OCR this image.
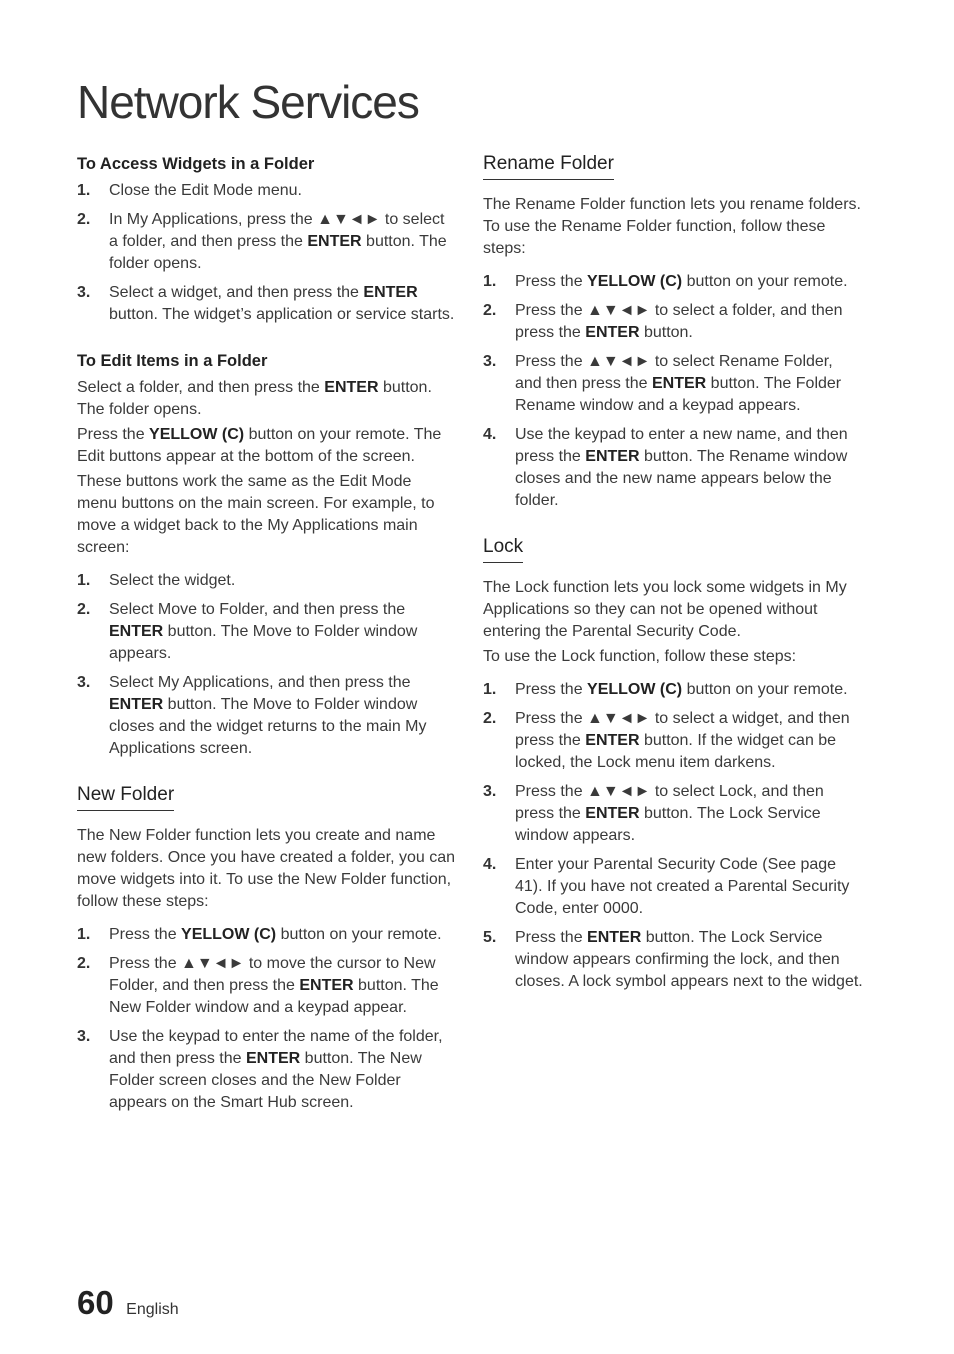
Network Services
To Access Widgets in a Folder
1. Close the Edit Mode menu.
2. In My Applications, press the ▲▼◄► to select a folder, and then press the ENTER button. The folder opens.
3. Select a widget, and then press the ENTER button. The widget’s application or service starts.
To Edit Items in a Folder

Select a folder, and then press the ENTER button. The folder opens.

Press the YELLOW (C) button on your remote. The Edit buttons appear at the bottom of the screen.

These buttons work the same as the Edit Mode menu buttons on the main screen. For example, to move a widget back to the My Applications main screen:

1. Select the widget.
2. Select Move to Folder, and then press the ENTER button. The Move to Folder window appears.
3. Select My Applications, and then press the ENTER button. The Move to Folder window closes and the widget returns to the main My Applications screen.
New Folder

The New Folder function lets you create and name new folders. Once you have created a folder, you can move widgets into it. To use the New Folder function, follow these steps:

1. Press the YELLOW (C) button on your remote.
2. Press the ▲▼◄► to move the cursor to New Folder, and then press the ENTER button. The New Folder window and a keypad appear.
3. Use the keypad to enter the name of the folder, and then press the ENTER button. The New Folder screen closes and the New Folder appears on the Smart Hub screen.
Rename Folder

The Rename Folder function lets you rename folders. To use the Rename Folder function, follow these steps:

1. Press the YELLOW (C) button on your remote.
2. Press the ▲▼◄► to select a folder, and then press the ENTER button.
3. Press the ▲▼◄► to select Rename Folder, and then press the ENTER button. The Folder Rename window and a keypad appears.
4. Use the keypad to enter a new name, and then press the ENTER button. The Rename window closes and the new name appears below the folder.
Lock

The Lock function lets you lock some widgets in My Applications so they can not be opened without entering the Parental Security Code.

To use the Lock function, follow these steps:

1. Press the YELLOW (C) button on your remote.
2. Press the ▲▼◄► to select a widget, and then press the ENTER button. If the widget can be locked, the Lock menu item darkens.
3. Press the ▲▼◄► to select Lock, and then press the ENTER button. The Lock Service window appears.
4. Enter your Parental Security Code (See page 41). If you have not created a Parental Security Code, enter 0000.
5. Press the ENTER button. The Lock Service window appears confirming the lock, and then closes. A lock symbol appears next to the widget.
60 English
